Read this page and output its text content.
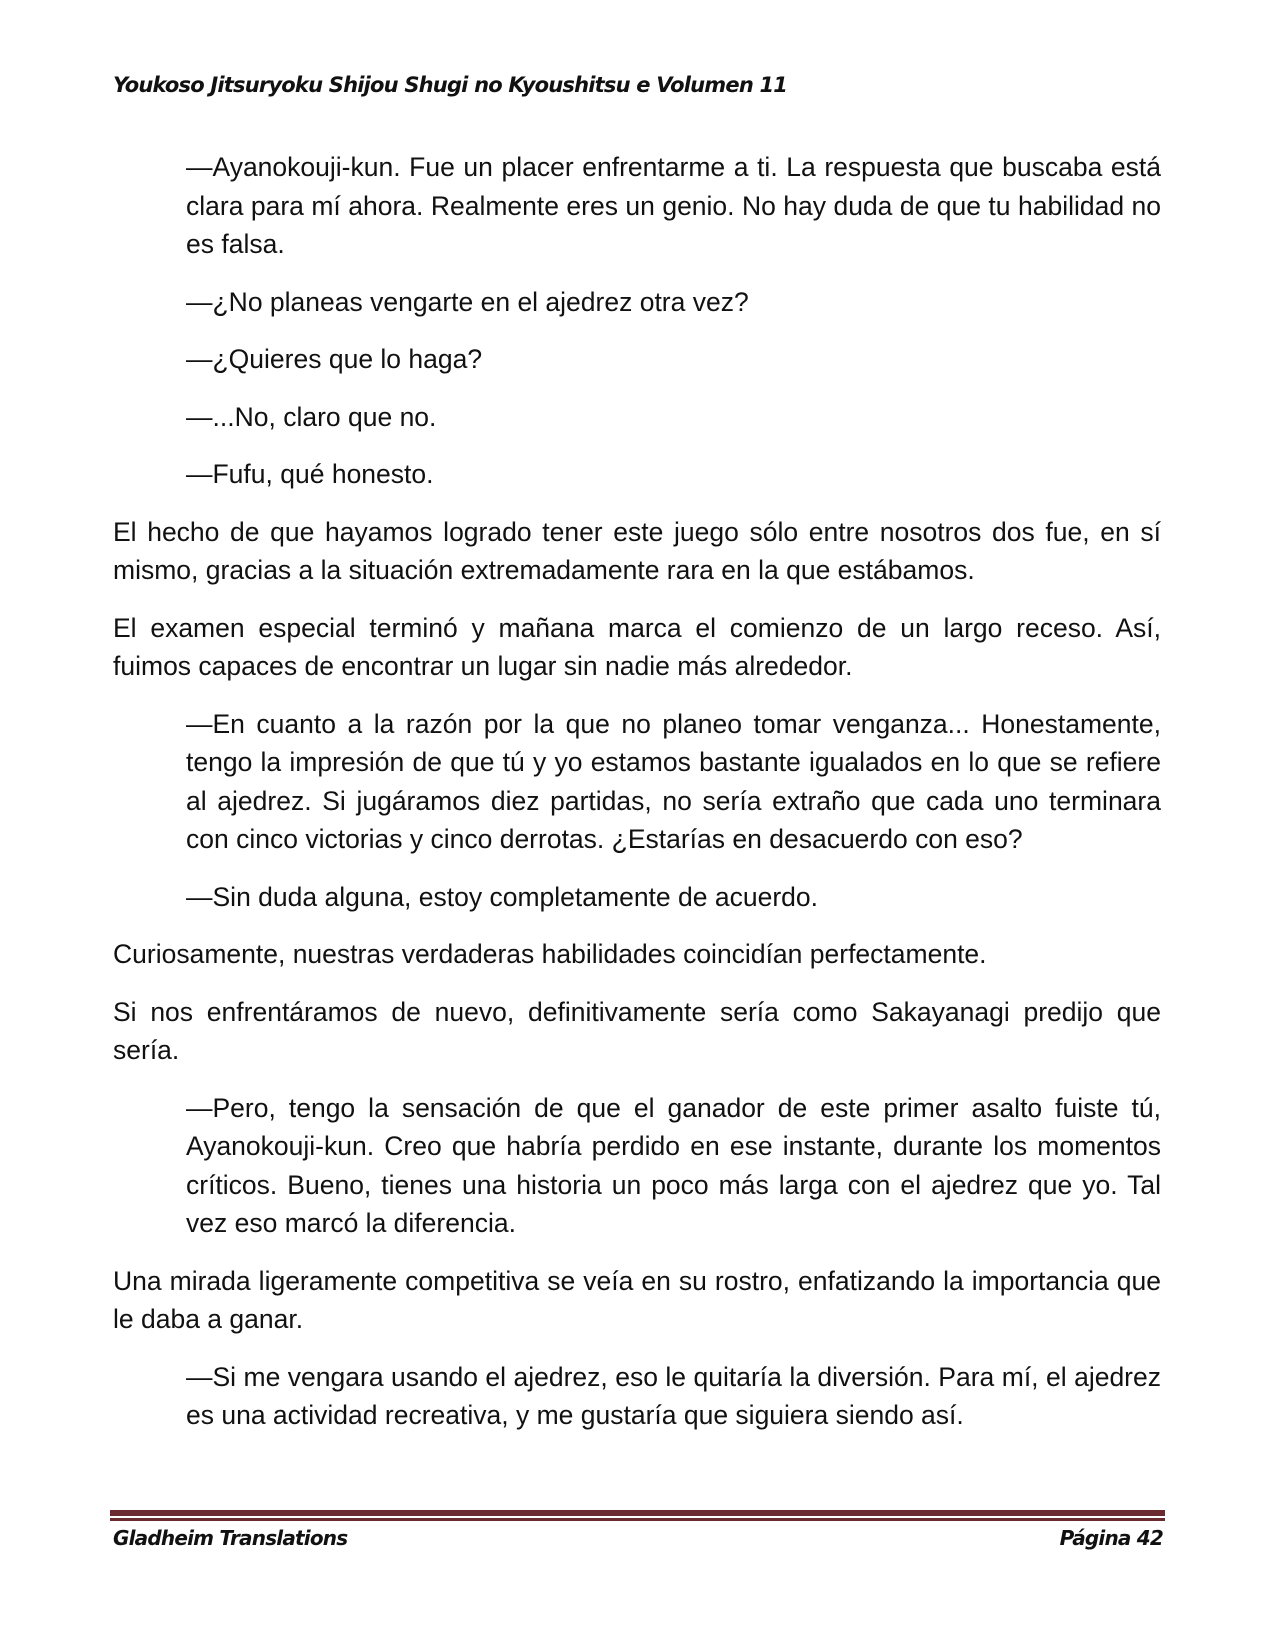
Youkoso Jitsuryoku Shijou Shugi no Kyoushitsu e Volumen 11

—Ayanokouji-kun. Fue un placer enfrentarme a ti. La respuesta que buscaba está clara para mí ahora. Realmente eres un genio. No hay duda de que tu habilidad no es falsa.

—¿No planeas vengarte en el ajedrez otra vez?

—¿Quieres que lo haga?

—...No, claro que no.

—Fufu, qué honesto.

El hecho de que hayamos logrado tener este juego sólo entre nosotros dos fue, en sí mismo, gracias a la situación extremadamente rara en la que estábamos.

El examen especial terminó y mañana marca el comienzo de un largo receso. Así, fuimos capaces de encontrar un lugar sin nadie más alrededor.

—En cuanto a la razón por la que no planeo tomar venganza... Honestamente, tengo la impresión de que tú y yo estamos bastante igualados en lo que se refiere al ajedrez. Si jugáramos diez partidas, no sería extraño que cada uno terminara con cinco victorias y cinco derrotas. ¿Estarías en desacuerdo con eso?

—Sin duda alguna, estoy completamente de acuerdo.

Curiosamente, nuestras verdaderas habilidades coincidían perfectamente.

Si nos enfrentáramos de nuevo, definitivamente sería como Sakayanagi predijo que sería.

—Pero, tengo la sensación de que el ganador de este primer asalto fuiste tú, Ayanokouji-kun. Creo que habría perdido en ese instante, durante los momentos críticos. Bueno, tienes una historia un poco más larga con el ajedrez que yo. Tal vez eso marcó la diferencia.

Una mirada ligeramente competitiva se veía en su rostro, enfatizando la importancia que le daba a ganar.

—Si me vengara usando el ajedrez, eso le quitaría la diversión. Para mí, el ajedrez es una actividad recreativa, y me gustaría que siguiera siendo así.

Gladheim Translations	Página 42
